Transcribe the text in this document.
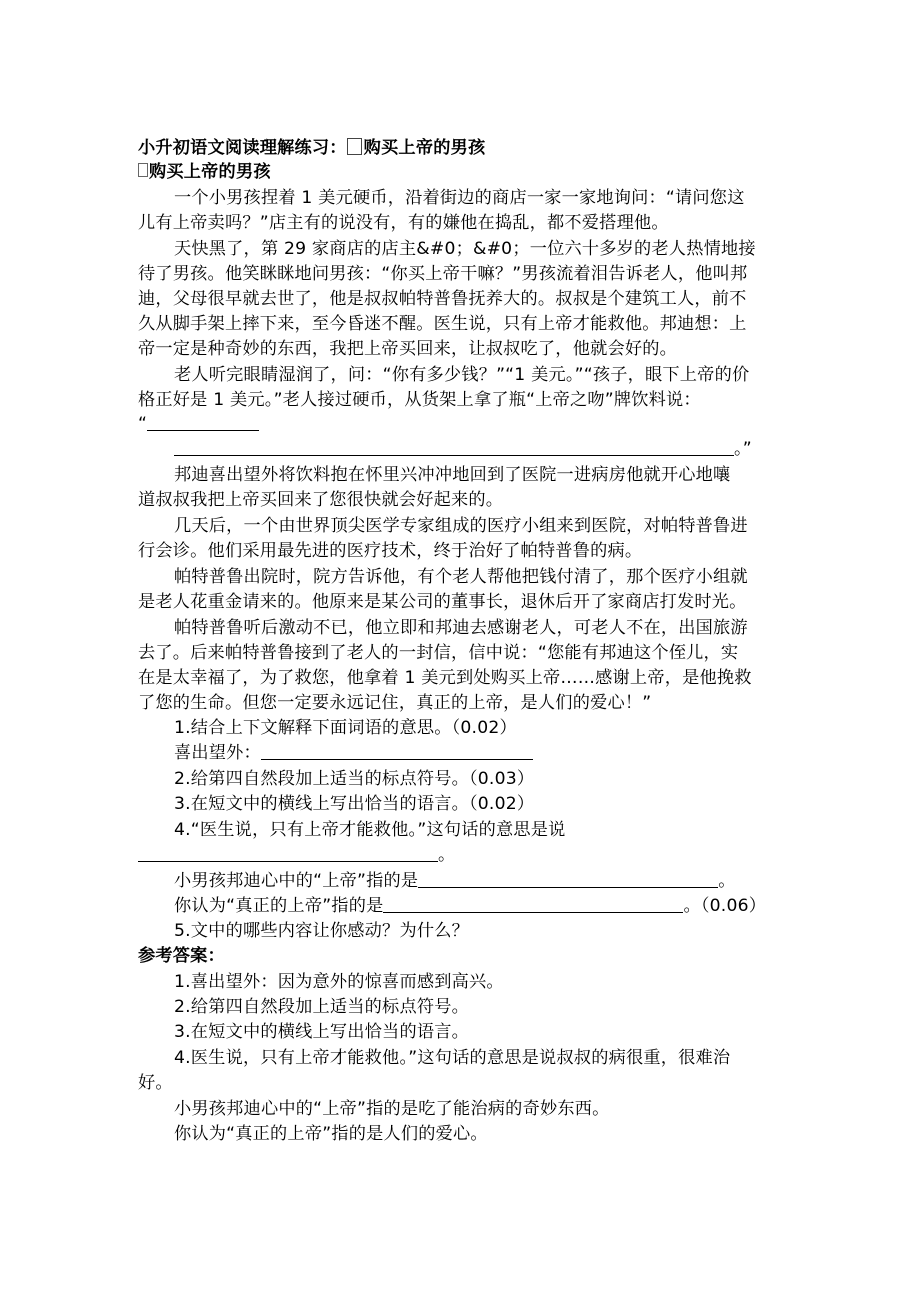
小升初语文阅读理解练习： 购买上帝的男孩
购买上帝的男孩
一个小男孩捏着 1 美元硬币，沿着街边的商店一家一家地询问：“请问您这
儿有上帝卖吗？”店主有的说没有，有的嫌他在捣乱，都不爱搭理他。
天快黑了，第 29 家商店的店主&#0；&#0；一位六十多岁的老人热情地接
待了男孩。他笑眯眯地问男孩：“你买上帝干嘛？”男孩流着泪告诉老人，他叫邦
迪，父母很早就去世了，他是叔叔帕特普鲁抚养大的。叔叔是个建筑工人，前不
久从脚手架上摔下来，至今昏迷不醒。医生说，只有上帝才能救他。邦迪想：上
帝一定是种奇妙的东西，我把上帝买回来，让叔叔吃了，他就会好的。
老人听完眼睛湿润了，问：“你有多少钱？”“1 美元。”“孩子，眼下上帝的价
格正好是 1 美元。”老人接过硬币，从货架上拿了瓶“上帝之吻”牌饮料说：
“
。”
邦迪喜出望外将饮料抱在怀里兴冲冲地回到了医院一进病房他就开心地嚷
道叔叔我把上帝买回来了您很快就会好起来的。
几天后，一个由世界顶尖医学专家组成的医疗小组来到医院，对帕特普鲁进
行会诊。他们采用最先进的医疗技术，终于治好了帕特普鲁的病。
帕特普鲁出院时，院方告诉他，有个老人帮他把钱付清了，那个医疗小组就
是老人花重金请来的。他原来是某公司的董事长，退休后开了家商店打发时光。
帕特普鲁听后激动不已，他立即和邦迪去感谢老人，可老人不在，出国旅游
去了。后来帕特普鲁接到了老人的一封信，信中说：“您能有邦迪这个侄儿，实
在是太幸福了，为了救您，他拿着 1 美元到处购买上帝……感谢上帝，是他挽救
了您的生命。但您一定要永远记住，真正的上帝，是人们的爱心！”
1.结合上下文解释下面词语的意思。（0.02）
喜出望外：
2.给第四自然段加上适当的标点符号。（0.03）
3.在短文中的横线上写出恰当的语言。（0.02）
4.“医生说，只有上帝才能救他。”这句话的意思是说
。
小男孩邦迪心中的“上帝”指的是	。
你认为“真正的上帝”指的是	。（0.06）
5.文中的哪些内容让你感动？为什么？
参考答案：
1.喜出望外：因为意外的惊喜而感到高兴。
2.给第四自然段加上适当的标点符号。
3.在短文中的横线上写出恰当的语言。
4.医生说，只有上帝才能救他。”这句话的意思是说叔叔的病很重，很难治
好。
小男孩邦迪心中的“上帝”指的是吃了能治病的奇妙东西。
你认为“真正的上帝”指的是人们的爱心。
